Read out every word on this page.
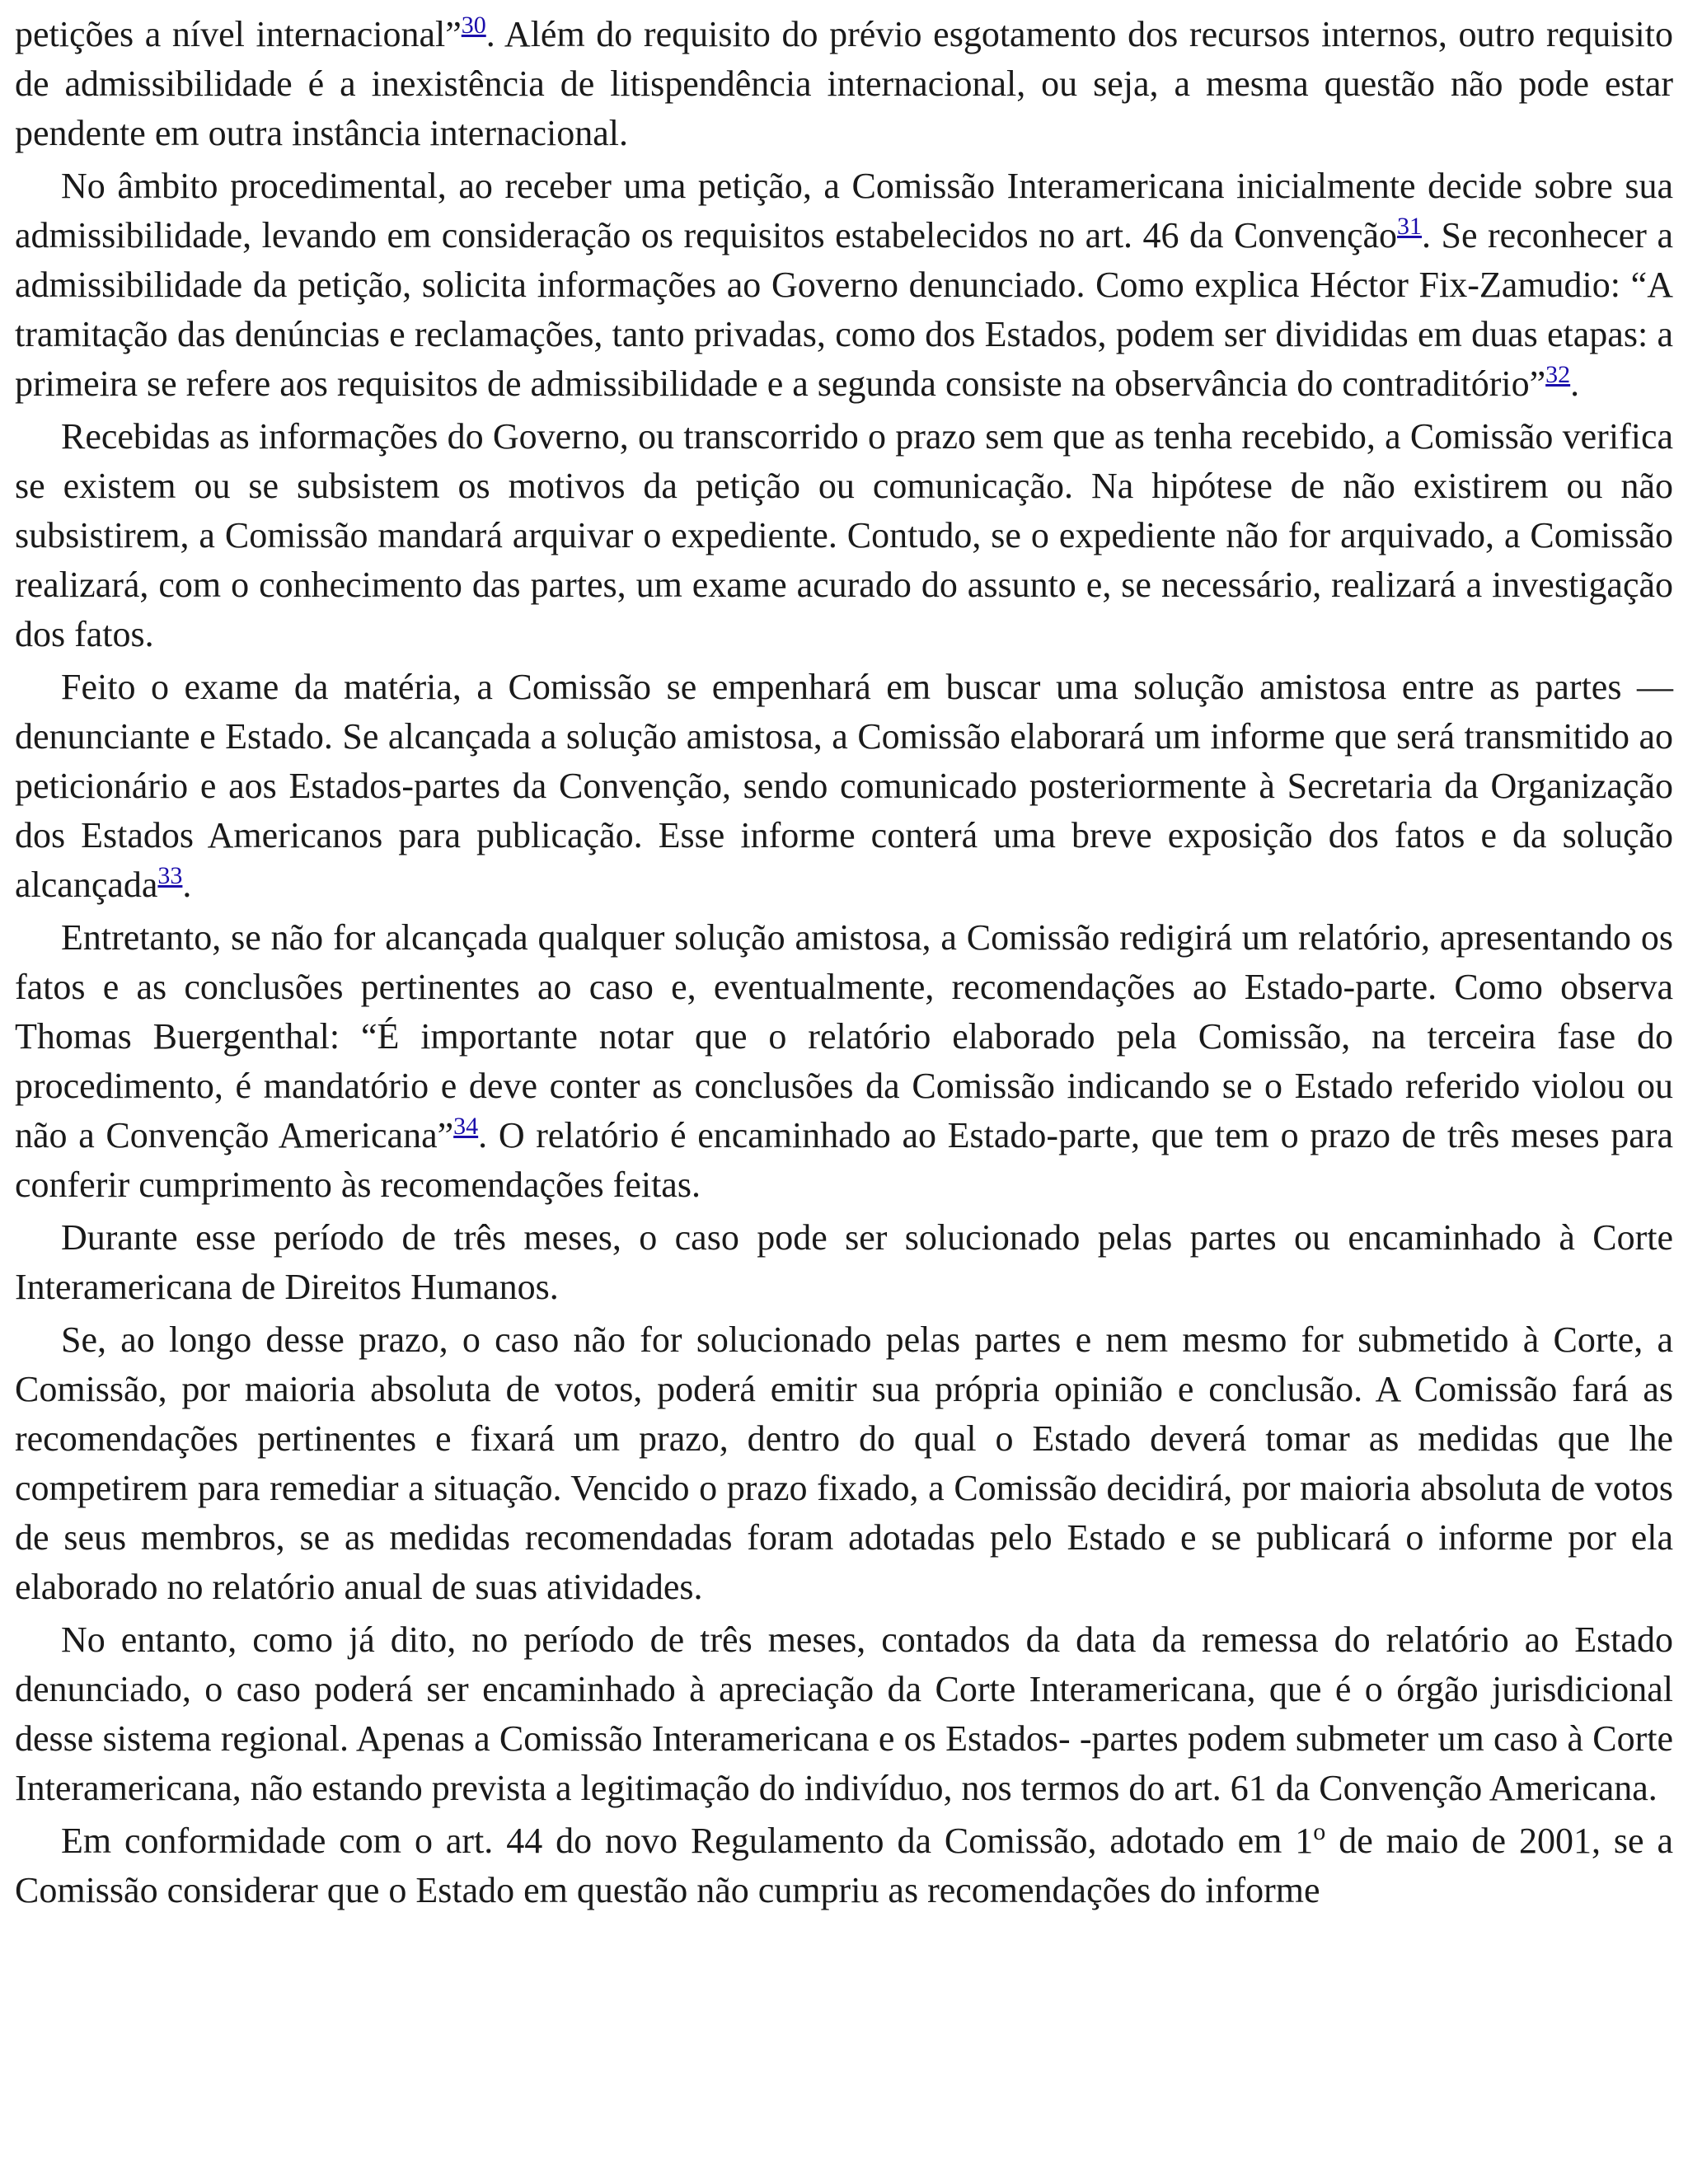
petições a nível internacional”$^{30}$. Além do requisito do prévio esgotamento dos recursos internos, outro requisito de admissibilidade é a inexistência de litispendência internacional, ou seja, a mesma questão não pode estar pendente em outra instância internacional.

No âmbito procedimental, ao receber uma petição, a Comissão Interamericana inicialmente decide sobre sua admissibilidade, levando em consideração os requisitos estabelecidos no art. 46 da Convenção$^{31}$. Se reconhecer a admissibilidade da petição, solicita informações ao Governo denunciado. Como explica Héctor Fix-Zamudio: “A tramitação das denúncias e reclamações, tanto privadas, como dos Estados, podem ser divididas em duas etapas: a primeira se refere aos requisitos de admissibilidade e a segunda consiste na observância do contraditório”$^{32}$.

Recebidas as informações do Governo, ou transcorrido o prazo sem que as tenha recebido, a Comissão verifica se existem ou se subsistem os motivos da petição ou comunicação. Na hipótese de não existirem ou não subsistirem, a Comissão mandará arquivar o expediente. Contudo, se o expediente não for arquivado, a Comissão realizará, com o conhecimento das partes, um exame acurado do assunto e, se necessário, realizará a investigação dos fatos.

Feito o exame da matéria, a Comissão se empenhará em buscar uma solução amistosa entre as partes — denunciante e Estado. Se alcançada a solução amistosa, a Comissão elaborará um informe que será transmitido ao peticionário e aos Estados-partes da Convenção, sendo comunicado posteriormente à Secretaria da Organização dos Estados Americanos para publicação. Esse informe conterá uma breve exposição dos fatos e da solução alcançada$^{33}$.

Entretanto, se não for alcançada qualquer solução amistosa, a Comissão redigirá um relatório, apresentando os fatos e as conclusões pertinentes ao caso e, eventualmente, recomendações ao Estado-parte. Como observa Thomas Buergenthal: “É importante notar que o relatório elaborado pela Comissão, na terceira fase do procedimento, é mandatório e deve conter as conclusões da Comissão indicando se o Estado referido violou ou não a Convenção Americana”$^{34}$. O relatório é encaminhado ao Estado-parte, que tem o prazo de três meses para conferir cumprimento às recomendações feitas.

Durante esse período de três meses, o caso pode ser solucionado pelas partes ou encaminhado à Corte Interamericana de Direitos Humanos.

Se, ao longo desse prazo, o caso não for solucionado pelas partes e nem mesmo for submetido à Corte, a Comissão, por maioria absoluta de votos, poderá emitir sua própria opinião e conclusão. A Comissão fará as recomendações pertinentes e fixará um prazo, dentro do qual o Estado deverá tomar as medidas que lhe competirem para remediar a situação. Vencido o prazo fixado, a Comissão decidirá, por maioria absoluta de votos de seus membros, se as medidas recomendadas foram adotadas pelo Estado e se publicará o informe por ela elaborado no relatório anual de suas atividades.

No entanto, como já dito, no período de três meses, contados da data da remessa do relatório ao Estado denunciado, o caso poderá ser encaminhado à apreciação da Corte Interamericana, que é o órgão jurisdicional desse sistema regional. Apenas a Comissão Interamericana e os Estados- -partes podem submeter um caso à Corte Interamericana, não estando prevista a legitimação do indivíduo, nos termos do art. 61 da Convenção Americana.

Em conformidade com o art. 44 do novo Regulamento da Comissão, adotado em 1$^o$ de maio de 2001, se a Comissão considerar que o Estado em questão não cumpriu as recomendações do informe
